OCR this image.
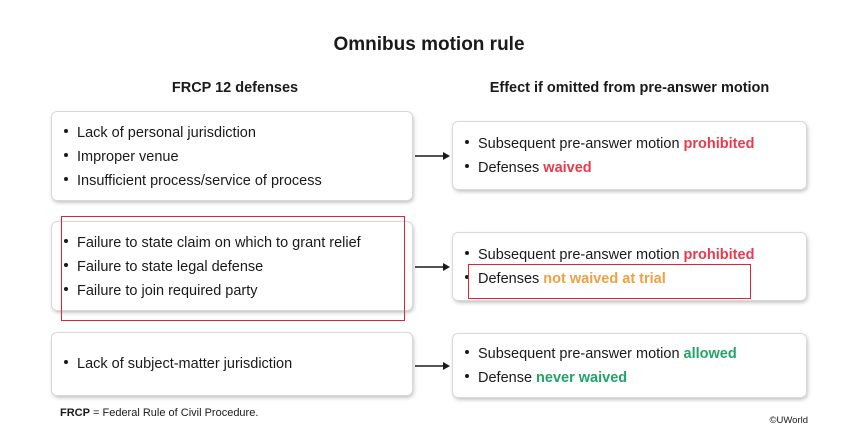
Omnibus motion rule
FRCP 12 defenses	Effect if omitted from pre-answer motion
Lack of personal jurisdiction
Improper venue
Insufficient process/service of process
Subsequent pre-answer motion prohibited
Defenses waived
Failure to state claim on which to grant relief
Failure to state legal defense
Failure to join required party
Subsequent pre-answer motion prohibited
Defenses not waived at trial
Lack of subject-matter jurisdiction
Subsequent pre-answer motion allowed
Defense never waived
FRCP = Federal Rule of Civil Procedure.
©UWorld
